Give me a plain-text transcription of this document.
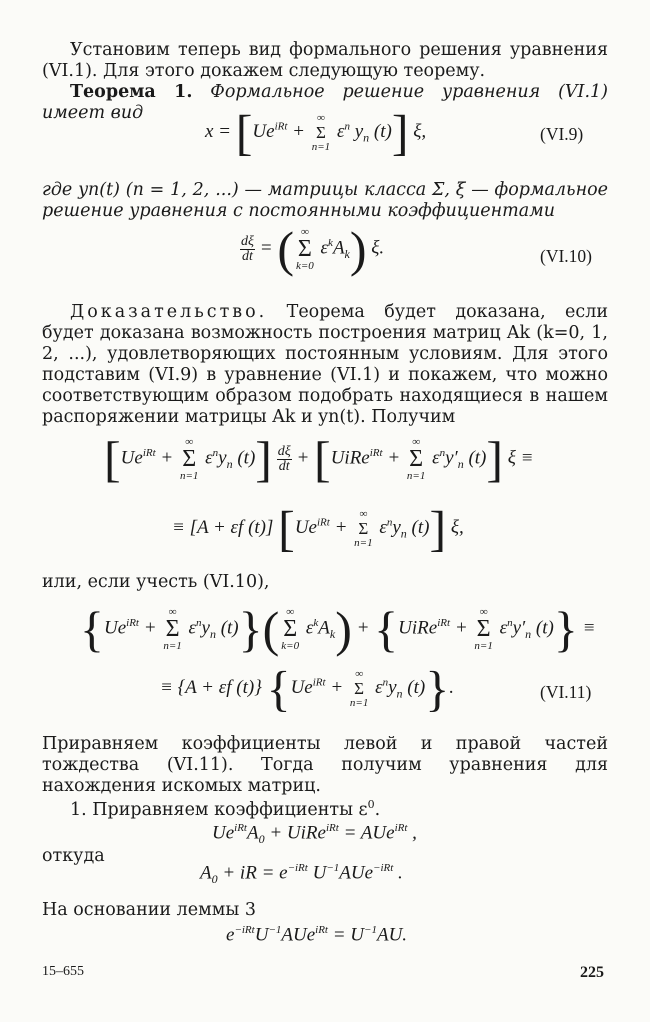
Установим теперь вид формального решения уравнения (VI.1). Для этого докажем следующую теорему.
Теорема 1. Формальное решение уравнения (VI.1) имеет вид
$x = [Ue^{iRt}$ +
∞
Σ
n=1
$\varepsilon^n$ $y_n$ (t)] ξ,	(VI.9)
где yn(t) (n = 1, 2, ...) — матрицы класса Σ, ξ — формальное решение уравнения с постоянными коэффициентами
$\frac{d\xi}{dt}$ = ( ∞
Σ
k=0
$\varepsilon^kA_k$) ξ.	(VI.10)
Доказательство. Теорема будет доказана, если будет доказана возможность построения матриц Ak (k=0, 1, 2, ...), удовлетворяющих постоянным условиям. Для этого подставим (VI.9) в уравнение (VI.1) и покажем, что можно соответствующим образом подобрать находящиеся в нашем распоряжении матрицы Ak и yn(t). Получим
[$Ue^{iRt}$ +
∞
Σ
n=1
$\varepsilon^ny_n$ $(t)] \frac{d\xi}{dt}$ + [UiRe$^{iRt}$ +
∞
Σ
n=1
$\varepsilon^ny'_n$ (t)] ξ ≡
≡ [A + εf (t)] [$Ue^{iRt}$ +
∞
Σ
n=1
$\varepsilon^ny_n$ (t)] ξ,
или, если учесть (VI.10),
{$Ue^{iRt}$ +
∞
Σ
n=1
$\varepsilon^ny_n$ (t)}( ∞
Σ
k=0
$\varepsilon^kA_k$) + {UiRe$^{iRt}$ +
∞
Σ
n=1
$\varepsilon^ny'_n$ (t)} ≡
≡ {A + εf (t)} {$Ue^{iRt}$ +
∞
Σ
n=1
$\varepsilon^ny_n$ (t)}.	(VI.11)
Приравняем коэффициенты левой и правой частей тождества (VI.11). Тогда получим уравнения для нахождения искомых матриц.
1. Приравняем коэффициенты $\varepsilon^0$.
$Ue^{iRt}A_0$ + UiRe$^{iRt}$ = AUe$^{iRt}$ ,
откуда
$A_0$ + iR = $e^{-iRt}$ $U^{-1}AUe^{-iRt}$ .
На основании леммы 3
$e^{-iRt}U^{-1}AUe^{iRt} = U^{-1}AU$.
15–655	225
